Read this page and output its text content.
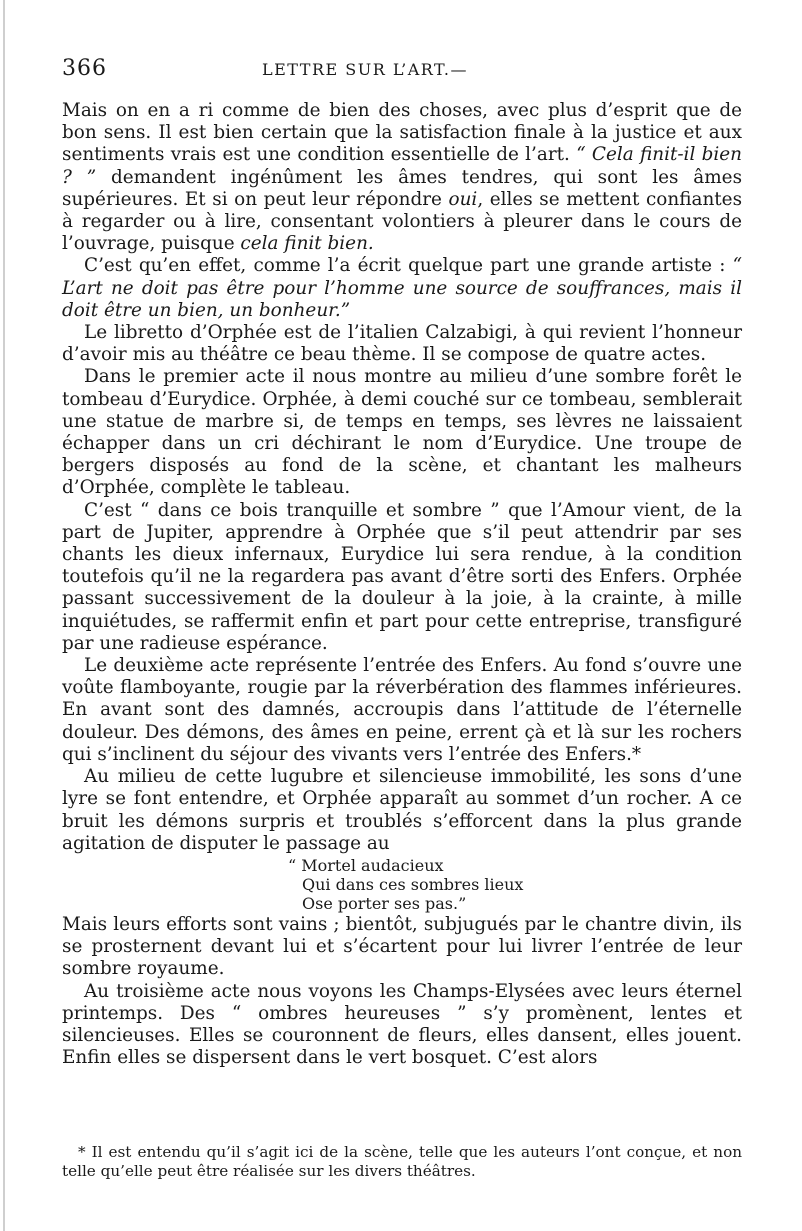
366	LETTRE SUR L’ART.—

Mais on en a ri comme de bien des choses, avec plus d’esprit que de bon sens. Il est bien certain que la satisfaction finale à la justice et aux sentiments vrais est une condition essentielle de l’art. “ Cela finit-il bien ? ” demandent ingénûment les âmes tendres, qui sont les âmes supérieures. Et si on peut leur répondre oui, elles se mettent confiantes à regarder ou à lire, consentant volontiers à pleurer dans le cours de l’ouvrage, puisque cela finit bien.

C’est qu’en effet, comme l’a écrit quelque part une grande artiste : “ L’art ne doit pas être pour l’homme une source de souffrances, mais il doit être un bien, un bonheur.”

Le libretto d’Orphée est de l’italien Calzabigi, à qui revient l’honneur d’avoir mis au théâtre ce beau thème. Il se compose de quatre actes.

Dans le premier acte il nous montre au milieu d’une sombre forêt le tombeau d’Eurydice. Orphée, à demi couché sur ce tombeau, semblerait une statue de marbre si, de temps en temps, ses lèvres ne laissaient échapper dans un cri déchirant le nom d’Eurydice. Une troupe de bergers disposés au fond de la scène, et chantant les malheurs d’Orphée, complète le tableau.

C’est “ dans ce bois tranquille et sombre ” que l’Amour vient, de la part de Jupiter, apprendre à Orphée que s’il peut attendrir par ses chants les dieux infernaux, Eurydice lui sera rendue, à la condition toutefois qu’il ne la regardera pas avant d’être sorti des Enfers. Orphée passant successivement de la douleur à la joie, à la crainte, à mille inquiétudes, se raffermit enfin et part pour cette entreprise, transfiguré par une radieuse espérance.

Le deuxième acte représente l’entrée des Enfers. Au fond s’ouvre une voûte flamboyante, rougie par la réverbération des flammes inférieures. En avant sont des damnés, accroupis dans l’attitude de l’éternelle douleur. Des démons, des âmes en peine, errent çà et là sur les rochers qui s’inclinent du séjour des vivants vers l’entrée des Enfers.*

Au milieu de cette lugubre et silencieuse immobilité, les sons d’une lyre se font entendre, et Orphée apparaît au sommet d’un rocher. A ce bruit les démons surpris et troublés s’efforcent dans la plus grande agitation de disputer le passage au

“ Mortel audacieux
Qui dans ces sombres lieux
Ose porter ses pas.”

Mais leurs efforts sont vains ; bientôt, subjugués par le chantre divin, ils se prosternent devant lui et s’écartent pour lui livrer l’entrée de leur sombre royaume.

Au troisième acte nous voyons les Champs-Elysées avec leurs éternel printemps. Des “ ombres heureuses ” s’y promènent, lentes et silencieuses. Elles se couronnent de fleurs, elles dansent, elles jouent. Enfin elles se dispersent dans le vert bosquet. C’est alors

* Il est entendu qu’il s’agit ici de la scène, telle que les auteurs l’ont conçue, et non telle qu’elle peut être réalisée sur les divers théâtres.
